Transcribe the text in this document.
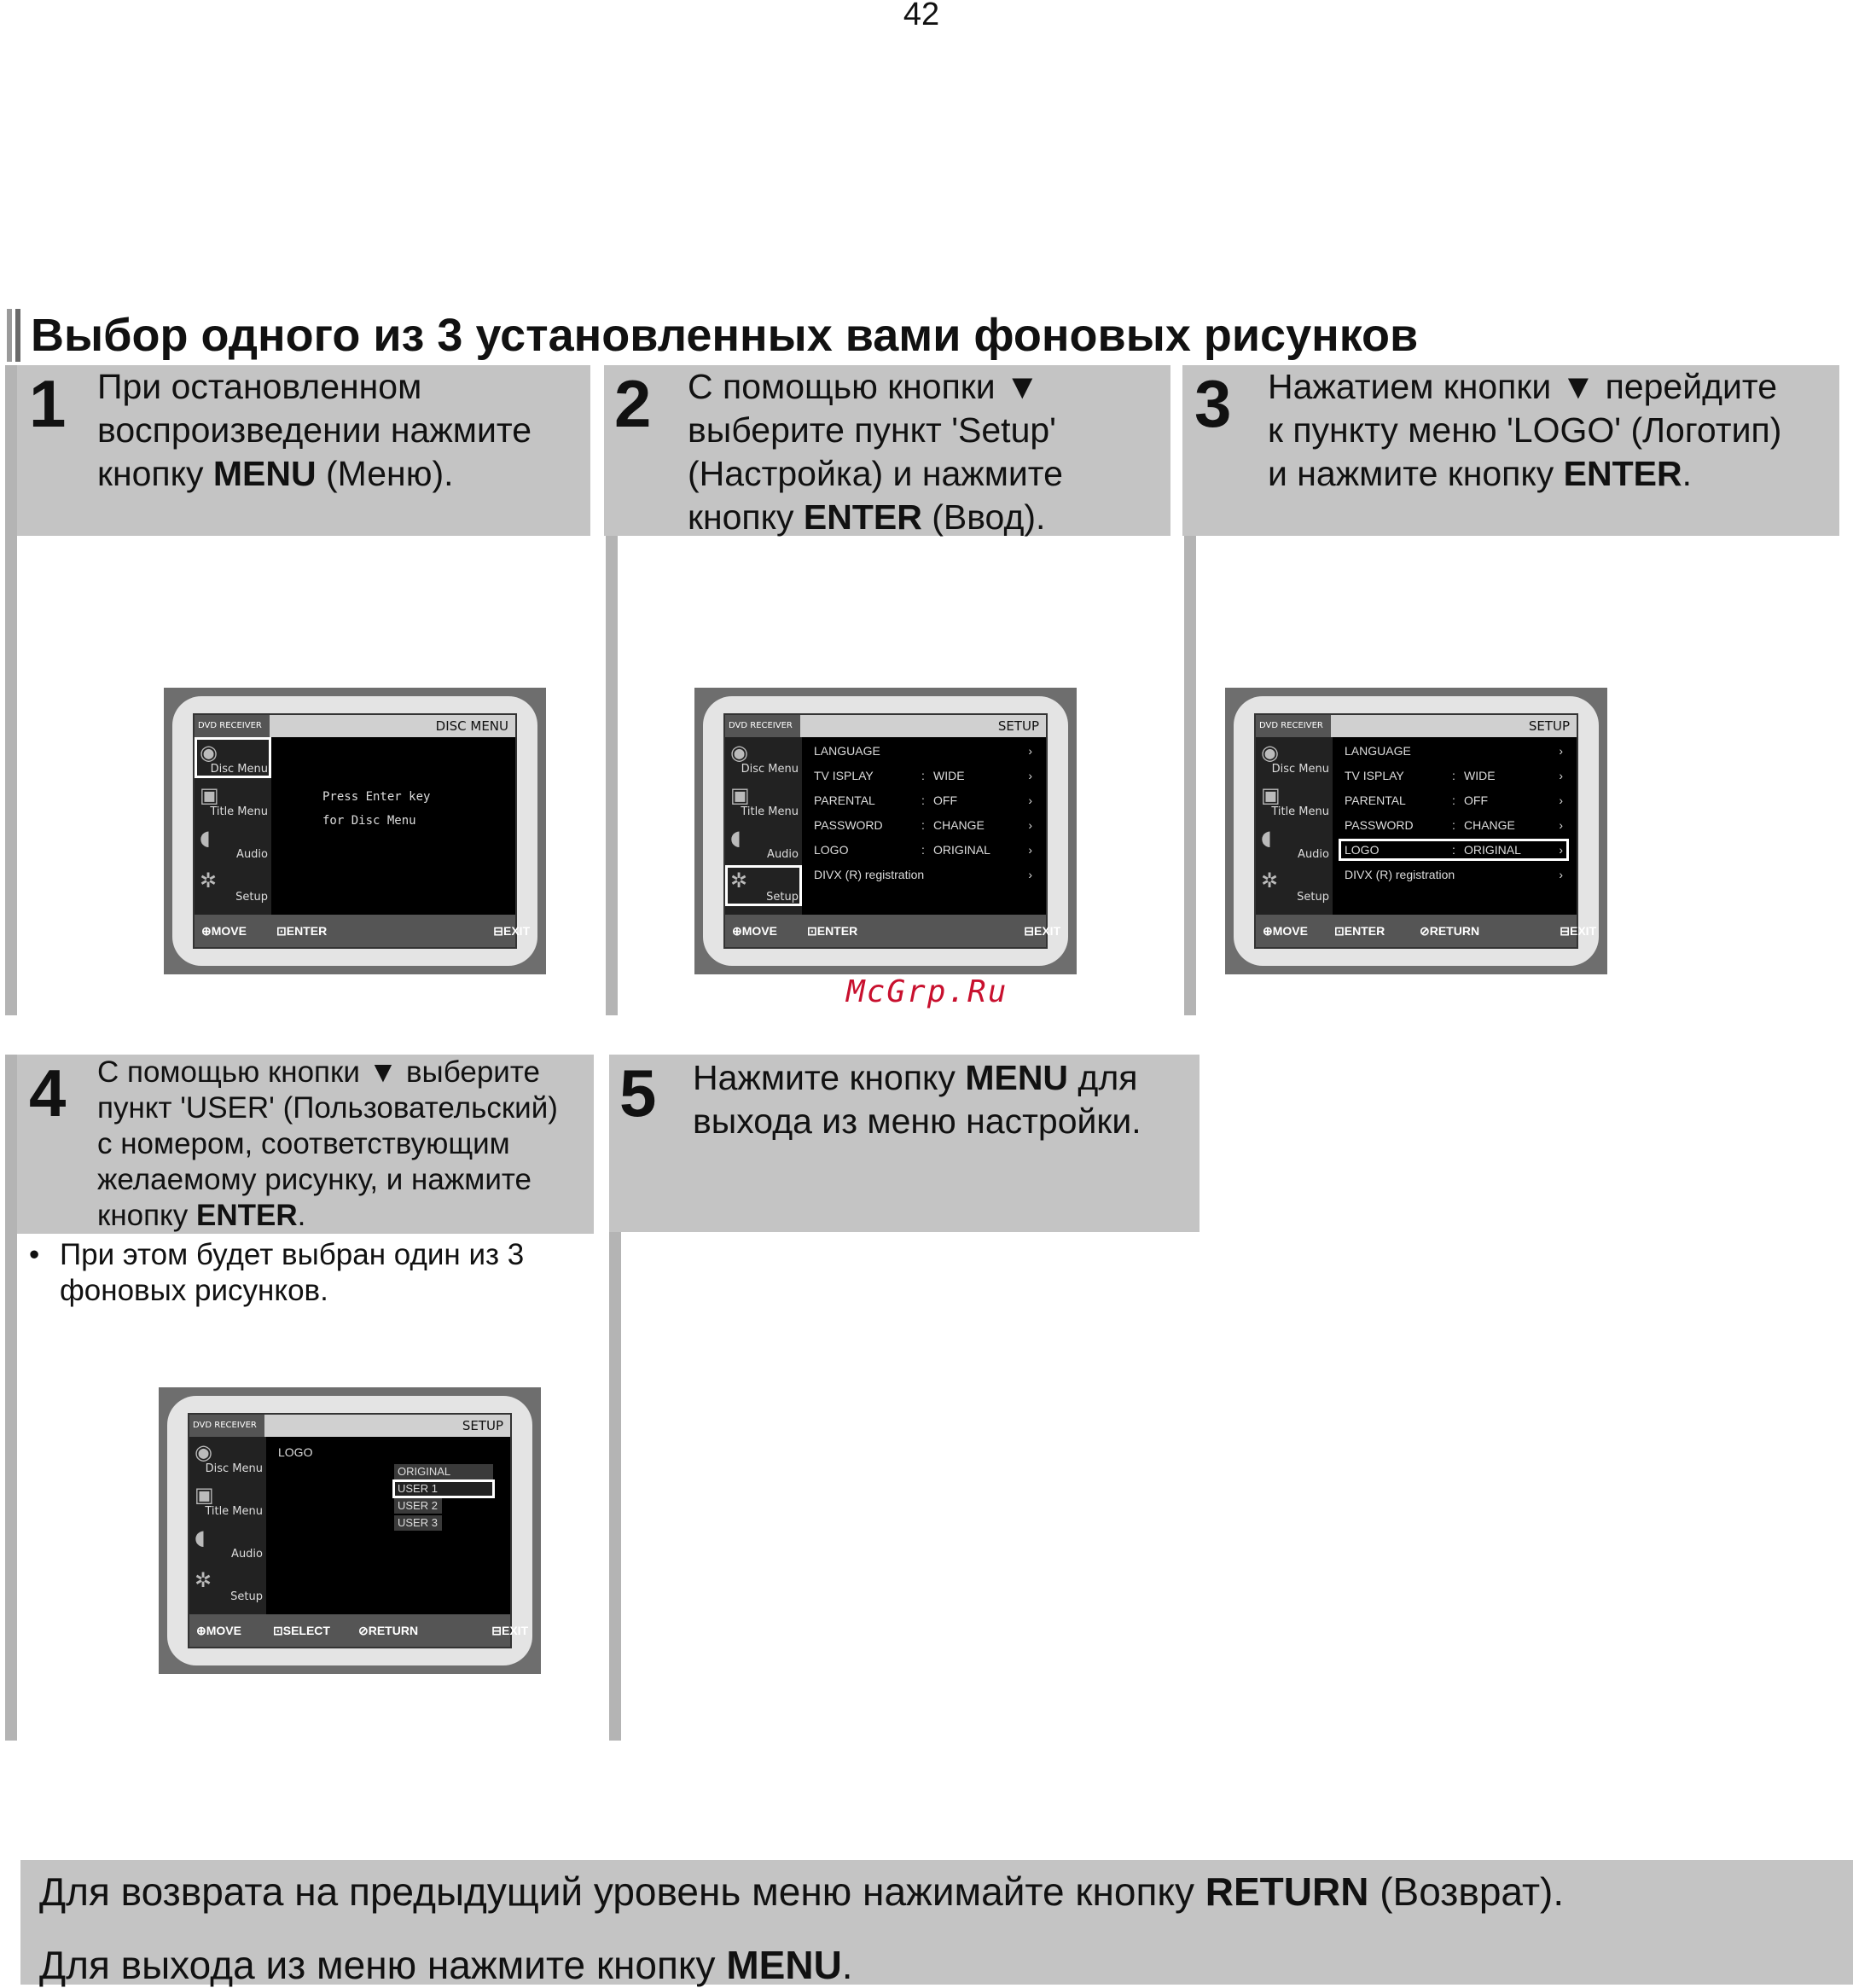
42
Выбор одного из 3 установленных вами фоновых рисунков
1 При остановленном
воспроизведении нажмите
кнопку MENU (Меню).
2 С помощью кнопки ▼
выберите пункт 'Setup'
(Настройка) и нажмите
кнопку ENTER (Ввод).
3 Нажатием кнопки ▼ перейдите
к пункту меню 'LOGO' (Логотип)
и нажмите кнопку ENTER.
DVD RECEIVER	DISC MENU
◉
Disc Menu
▣
Title Menu
◖
Audio
✲
Setup
Press Enter key
for Disc Menu
⊕ MOVE	⊡ ENTER	⊟ EXIT
DVD RECEIVER	SETUP
◉
Disc Menu
▣
Title Menu
◖
Audio
✲
Setup
LANGUAGE	›
TV ISPLAY	: WIDE	›
PARENTAL	: OFF	›
PASSWORD	: CHANGE	›
LOGO	: ORIGINAL	›
DIVX (R) registration	›
⊕ MOVE	⊡ ENTER	⊟ EXIT
DVD RECEIVER	SETUP
◉
Disc Menu
▣
Title Menu
◖
Audio
✲
Setup
LANGUAGE	›
TV ISPLAY	: WIDE	›
PARENTAL	: OFF	›
PASSWORD	: CHANGE	›
LOGO	: ORIGINAL	›
DIVX (R) registration	›
⊕ MOVE ⊡ ENTER	⊘ RETURN	⊟ EXIT
McGrp.Ru
4 С помощью кнопки ▼ выберите
пункт 'USER' (Пользовательский)
с номером, соответствующим
желаемому рисунку, и нажмите
кнопку ENTER.
• При этом будет выбран один из 3
фоновых рисунков.
DVD RECEIVER	SETUP
◉
Disc Menu
▣
Title Menu
◖
Audio
✲
Setup
LOGO
ORIGINAL
USER 1
USER 2
USER 3
⊕ MOVE	⊡ SELECT ⊘ RETURN	⊟ EXIT
5 Нажмите кнопку MENU для
выхода из меню настройки.

Для возврата на предыдущий уровень меню нажимайте кнопку RETURN (Возврат).

Для выхода из меню нажмите кнопку MENU.
